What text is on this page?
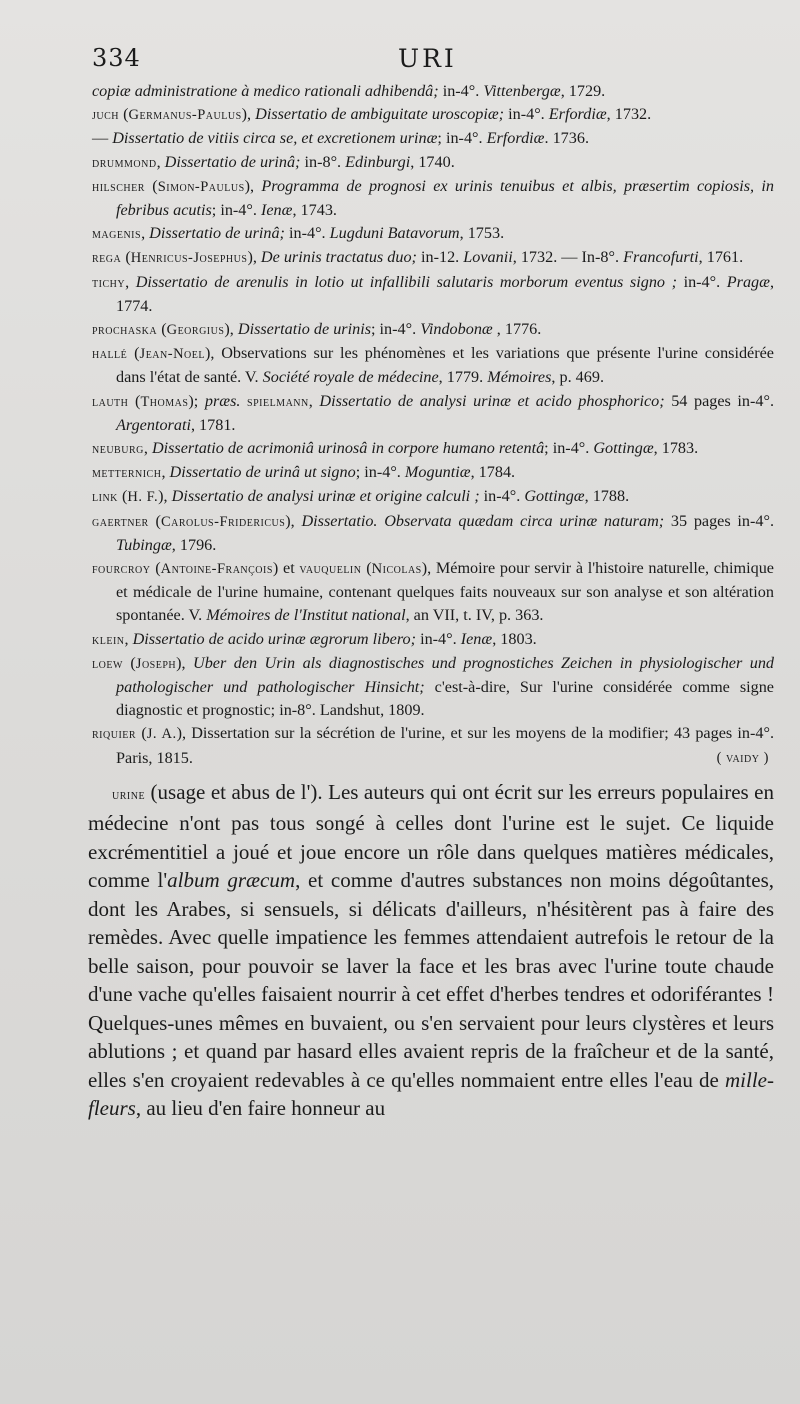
334	URI

copiæ administratione à medico rationali adhibendâ; in-4°. Vittenbergæ, 1729.

juch (Germanus-Paulus), Dissertatio de ambiguitate uroscopiæ; in-4°. Erfordiæ, 1732.

— Dissertatio de vitiis circa se, et excretionem urinæ; in-4°. Erfordiæ. 1736.

drummond, Dissertatio de urinâ; in-8°. Edinburgi, 1740.

hilscher (Simon-Paulus), Programma de prognosi ex urinis tenuibus et albis, præsertim copiosis, in febribus acutis; in-4°. Ienæ, 1743.

magenis, Dissertatio de urinâ; in-4°. Lugduni Batavorum, 1753.

rega (Henricus-Josephus), De urinis tractatus duo; in-12. Lovanii, 1732. — In-8°. Francofurti, 1761.

tichy, Dissertatio de arenulis in lotio ut infallibili salutaris morborum eventus signo ; in-4°. Pragæ, 1774.

prochaska (Georgius), Dissertatio de urinis; in-4°. Vindobonæ , 1776.

hallé (Jean-Noel), Observations sur les phénomènes et les variations que présente l'urine considérée dans l'état de santé. V. Société royale de médecine, 1779. Mémoires, p. 469.

lauth (Thomas); præs. spielmann, Dissertatio de analysi urinæ et acido phosphorico; 54 pages in-4°. Argentorati, 1781.

neuburg, Dissertatio de acrimoniâ urinosâ in corpore humano retentâ; in-4°. Gottingæ, 1783.

metternich, Dissertatio de urinâ ut signo; in-4°. Moguntiæ, 1784.

link (H. F.), Dissertatio de analysi urinæ et origine calculi ; in-4°. Gottingæ, 1788.

gaertner (Carolus-Fridericus), Dissertatio. Observata quædam circa urinæ naturam; 35 pages in-4°. Tubingæ, 1796.

fourcroy (Antoine-François) et vauquelin (Nicolas), Mémoire pour servir à l'histoire naturelle, chimique et médicale de l'urine humaine, contenant quelques faits nouveaux sur son analyse et son altération spontanée. V. Mémoires de l'Institut national, an VII, t. IV, p. 363.

klein, Dissertatio de acido urinæ ægrorum libero; in-4°. Ienæ, 1803.

loew (Joseph), Uber den Urin als diagnostisches und prognostiches Zeichen in physiologischer und pathologischer und pathologischer Hinsicht; c'est-à-dire, Sur l'urine considérée comme signe diagnostic et prognostic; in-8°. Landshut, 1809.

riquier (J. A.), Dissertation sur la sécrétion de l'urine, et sur les moyens de la modifier; 43 pages in-4°. Paris, 1815.	( vaidy )

urine (usage et abus de l'). Les auteurs qui ont écrit sur les erreurs populaires en médecine n'ont pas tous songé à celles dont l'urine est le sujet. Ce liquide excrémentitiel a joué et joue encore un rôle dans quelques matières médicales, comme l'album græcum, et comme d'autres substances non moins dégoûtantes, dont les Arabes, si sensuels, si délicats d'ailleurs, n'hésitèrent pas à faire des remèdes. Avec quelle impatience les femmes attendaient autrefois le retour de la belle saison, pour pouvoir se laver la face et les bras avec l'urine toute chaude d'une vache qu'elles faisaient nourrir à cet effet d'herbes tendres et odoriférantes ! Quelques-unes mêmes en buvaient, ou s'en servaient pour leurs clystères et leurs ablutions ; et quand par hasard elles avaient repris de la fraîcheur et de la santé, elles s'en croyaient redevables à ce qu'elles nommaient entre elles l'eau de mille-fleurs, au lieu d'en faire honneur au
